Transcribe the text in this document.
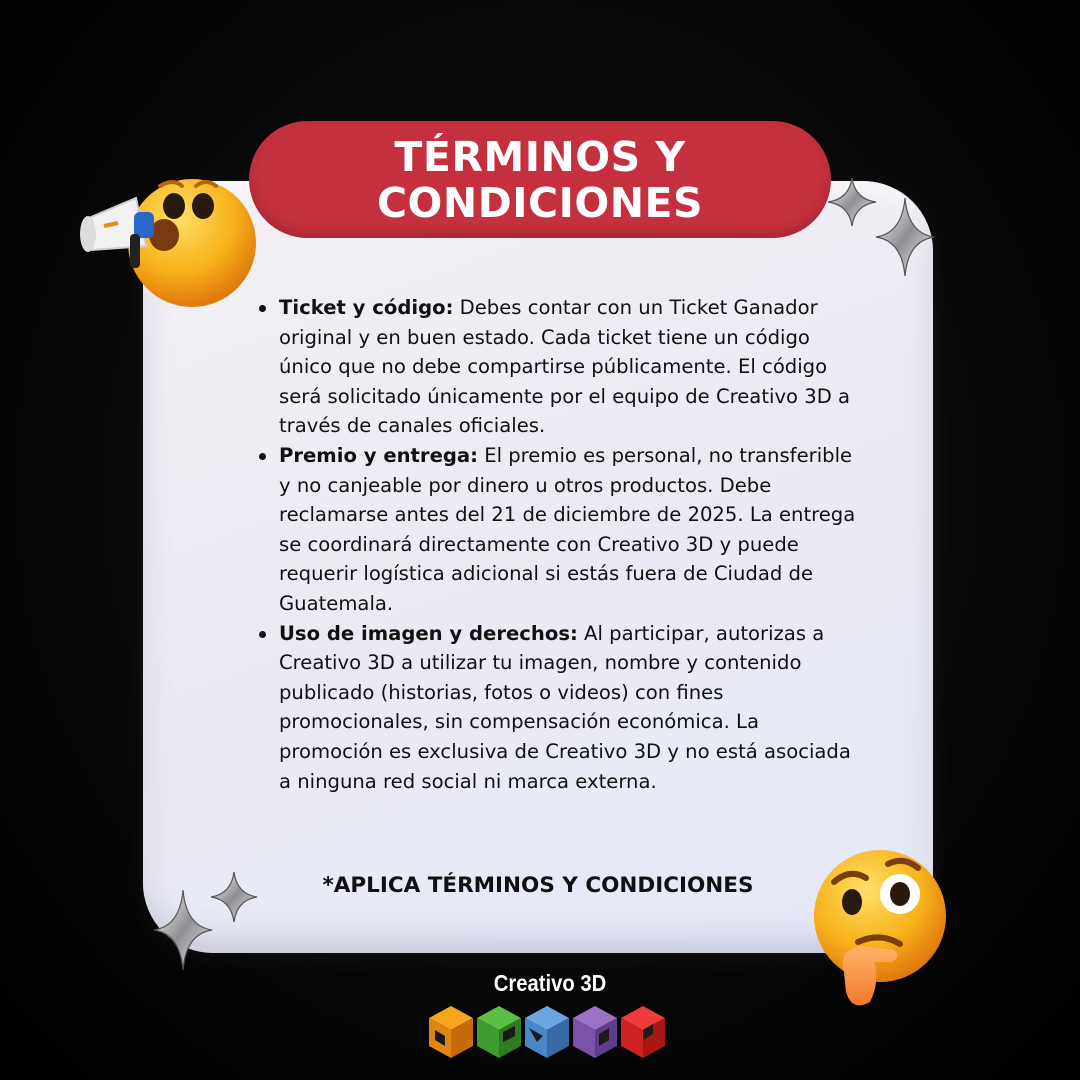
TÉRMINOS Y
CONDICIONES
Ticket y código: Debes contar con un Ticket Ganador original y en buen estado. Cada ticket tiene un código único que no debe compartirse públicamente. El código será solicitado únicamente por el equipo de Creativo 3D a través de canales oficiales.
Premio y entrega: El premio es personal, no transferible y no canjeable por dinero u otros productos. Debe reclamarse antes del 21 de diciembre de 2025. La entrega se coordinará directamente con Creativo 3D y puede requerir logística adicional si estás fuera de Ciudad de Guatemala.
Uso de imagen y derechos: Al participar, autorizas a Creativo 3D a utilizar tu imagen, nombre y contenido publicado (historias, fotos o videos) con fines promocionales, sin compensación económica. La promoción es exclusiva de Creativo 3D y no está asociada a ninguna red social ni marca externa.
*APLICA TÉRMINOS Y CONDICIONES
Creativo 3D
